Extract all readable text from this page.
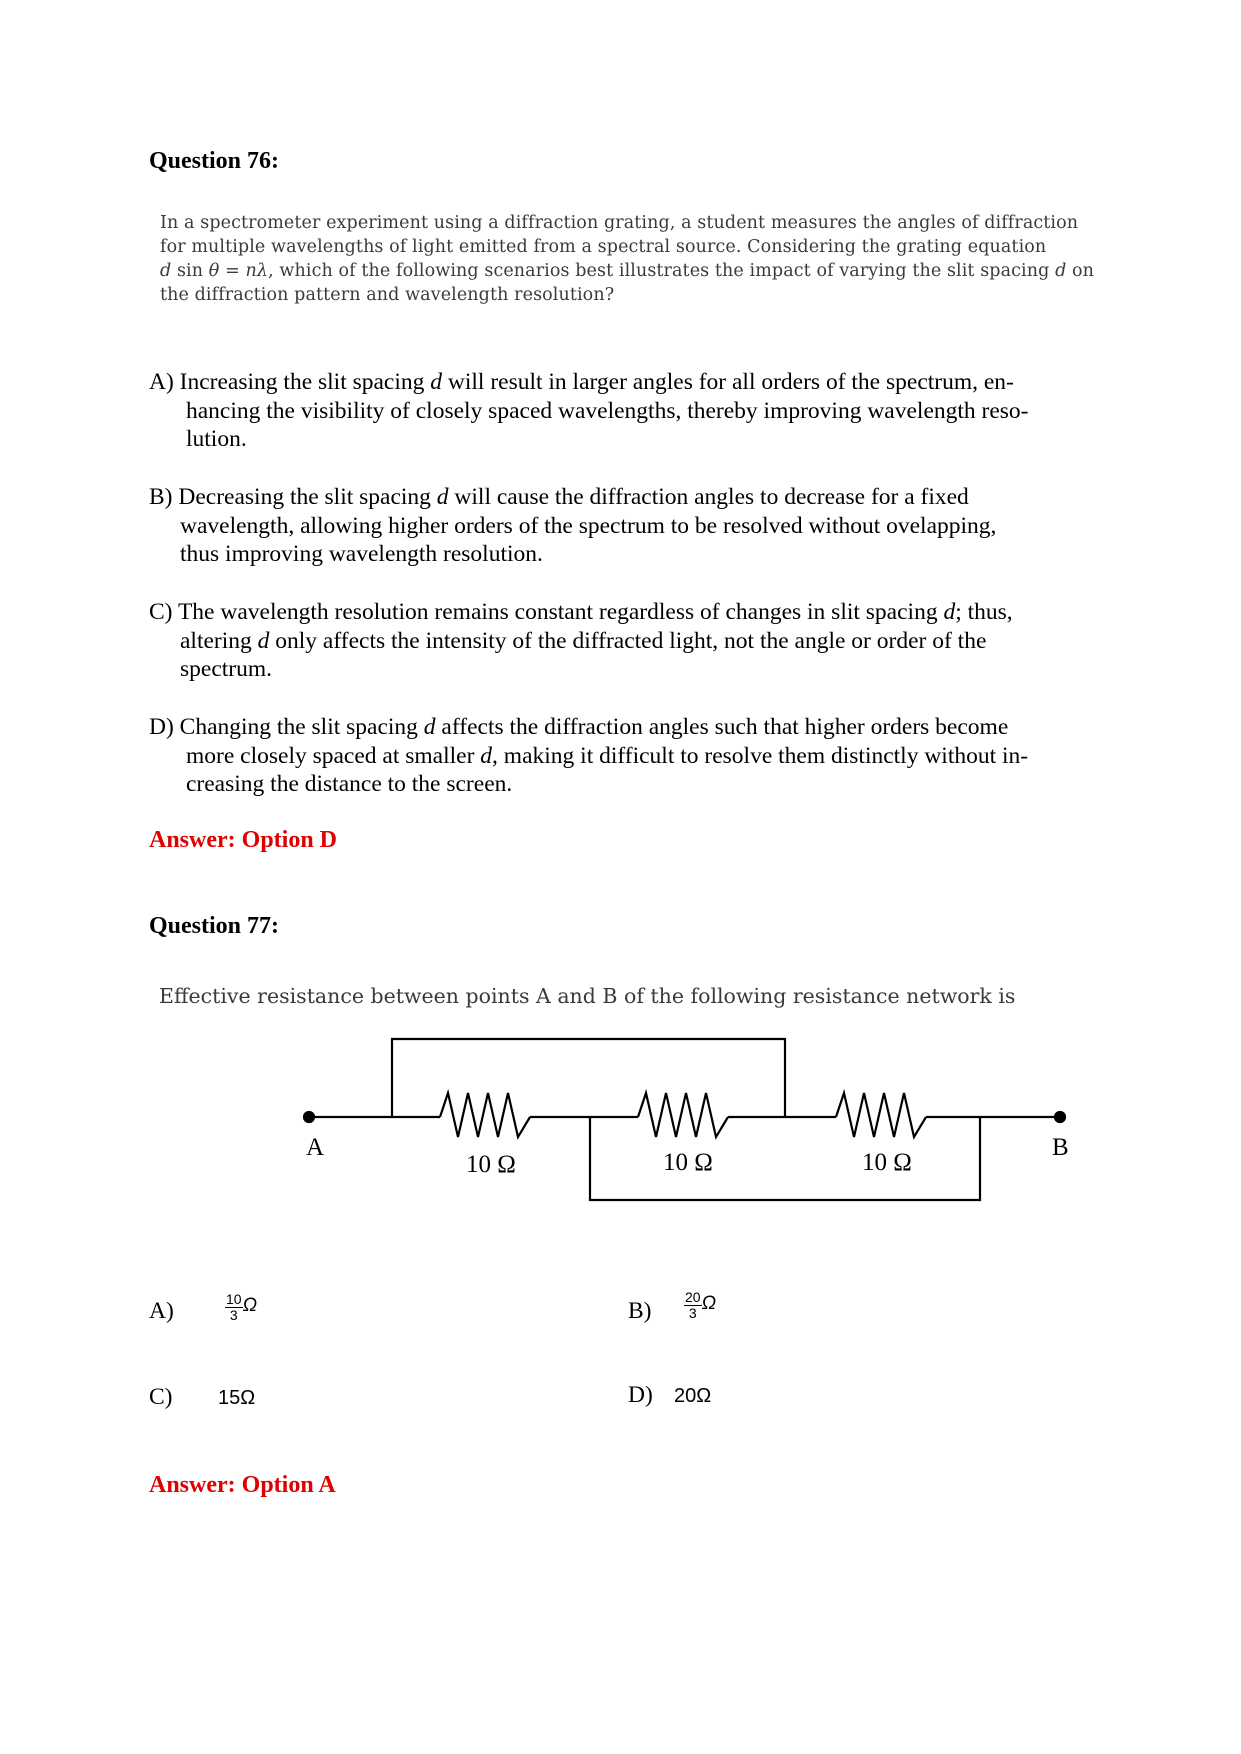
Question 76:
In a spectrometer experiment using a diffraction grating, a student measures the angles of diffraction
for multiple wavelengths of light emitted from a spectral source. Considering the grating equation
d sin θ = nλ, which of the following scenarios best illustrates the impact of varying the slit spacing d on
the diffraction pattern and wavelength resolution?
A) Increasing the slit spacing d will result in larger angles for all orders of the spectrum, en-
hancing the visibility of closely spaced wavelengths, thereby improving wavelength reso-
lution.
B) Decreasing the slit spacing d will cause the diffraction angles to decrease for a fixed
wavelength, allowing higher orders of the spectrum to be resolved without ovelapping,
thus improving wavelength resolution.
C) The wavelength resolution remains constant regardless of changes in slit spacing d; thus,
altering d only affects the intensity of the diffracted light, not the angle or order of the
spectrum.
D) Changing the slit spacing d affects the diffraction angles such that higher orders become
more closely spaced at smaller d, making it difficult to resolve them distinctly without in-
creasing the distance to the screen.
Answer: Option D
Question 77:
Effective resistance between points A and B of the following resistance network is
A	B
10 Ω	10 Ω	10 Ω
A)	$\frac{10}{3}$ Ω	$B) \frac{20}{3}$ Ω
C) 15Ω	D) 20Ω
Answer: Option A
